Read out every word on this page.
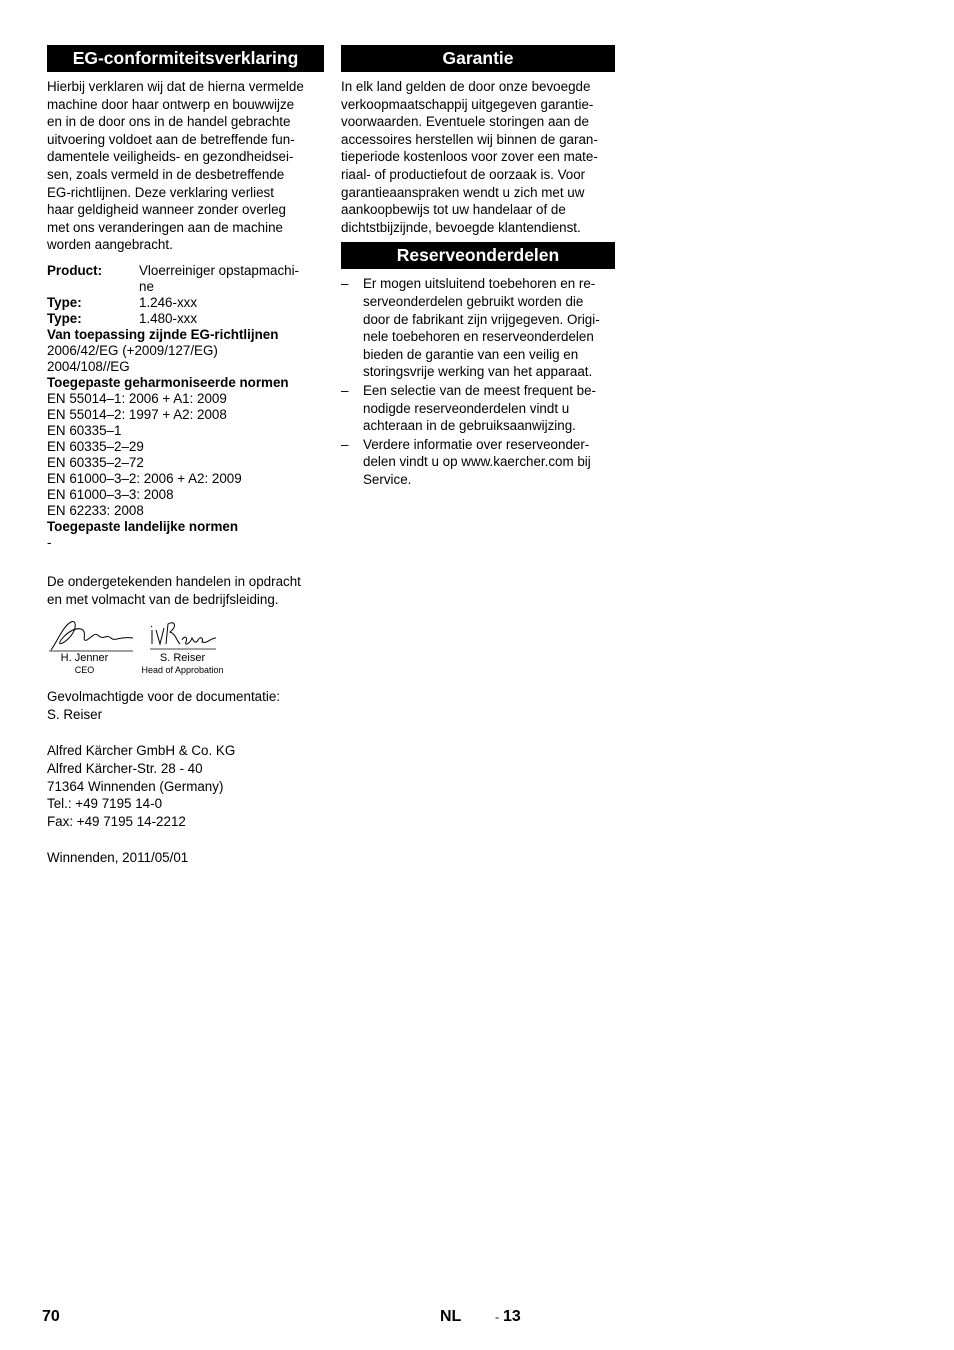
EG-conformiteitsverklaring

Hierbij verklaren wij dat de hierna vermelde
machine door haar ontwerp en bouwwijze
en in de door ons in de handel gebrachte
uitvoering voldoet aan de betreffende fun-
damentele veiligheids- en gezondheidsei-
sen, zoals vermeld in de desbetreffende
EG-richtlijnen. Deze verklaring verliest
haar geldigheid wanneer zonder overleg
met ons veranderingen aan de machine
worden aangebracht.

Product:	Vloerreiniger opstapmachi-
ne
Type:	1.246-xxx
Type:	1.480-xxx
Van toepassing zijnde EG-richtlijnen
2006/42/EG (+2009/127/EG)
2004/108//EG
Toegepaste geharmoniseerde normen
EN 55014–1: 2006 + A1: 2009
EN 55014–2: 1997 + A2: 2008
EN 60335–1
EN 60335–2–29
EN 60335–2–72
EN 61000–3–2: 2006 + A2: 2009
EN 61000–3–3: 2008
EN 62233: 2008
Toegepaste landelijke normen
-

De ondergetekenden handelen in opdracht
en met volmacht van de bedrijfsleiding.

H. Jenner
CEO
S. Reiser
Head of Approbation

Gevolmachtigde voor de documentatie:
S. Reiser

Alfred Kärcher GmbH & Co. KG
Alfred Kärcher-Str. 28 - 40
71364 Winnenden (Germany)
Tel.: +49 7195 14-0
Fax: +49 7195 14-2212

Winnenden, 2011/05/01

Garantie

In elk land gelden de door onze bevoegde
verkoopmaatschappij uitgegeven garantie-
voorwaarden. Eventuele storingen aan de
accessoires herstellen wij binnen de garan-
tieperiode kostenloos voor zover een mate-
riaal- of productiefout de oorzaak is. Voor
garantieaanspraken wendt u zich met uw
aankoopbewijs tot uw handelaar of de
dichtstbijzijnde, bevoegde klantendienst.

Reserveonderdelen
– Er mogen uitsluitend toebehoren en re-
serveonderdelen gebruikt worden die
door de fabrikant zijn vrijgegeven. Origi-
nele toebehoren en reserveonderdelen
bieden de garantie van een veilig en
storingsvrije werking van het apparaat.
– Een selectie van de meest frequent be-
nodigde reserveonderdelen vindt u
achteraan in de gebruiksaanwijzing.
– Verdere informatie over reserveonder-
delen vindt u op www.kaercher.com bij
Service.
70	NL	- 13
